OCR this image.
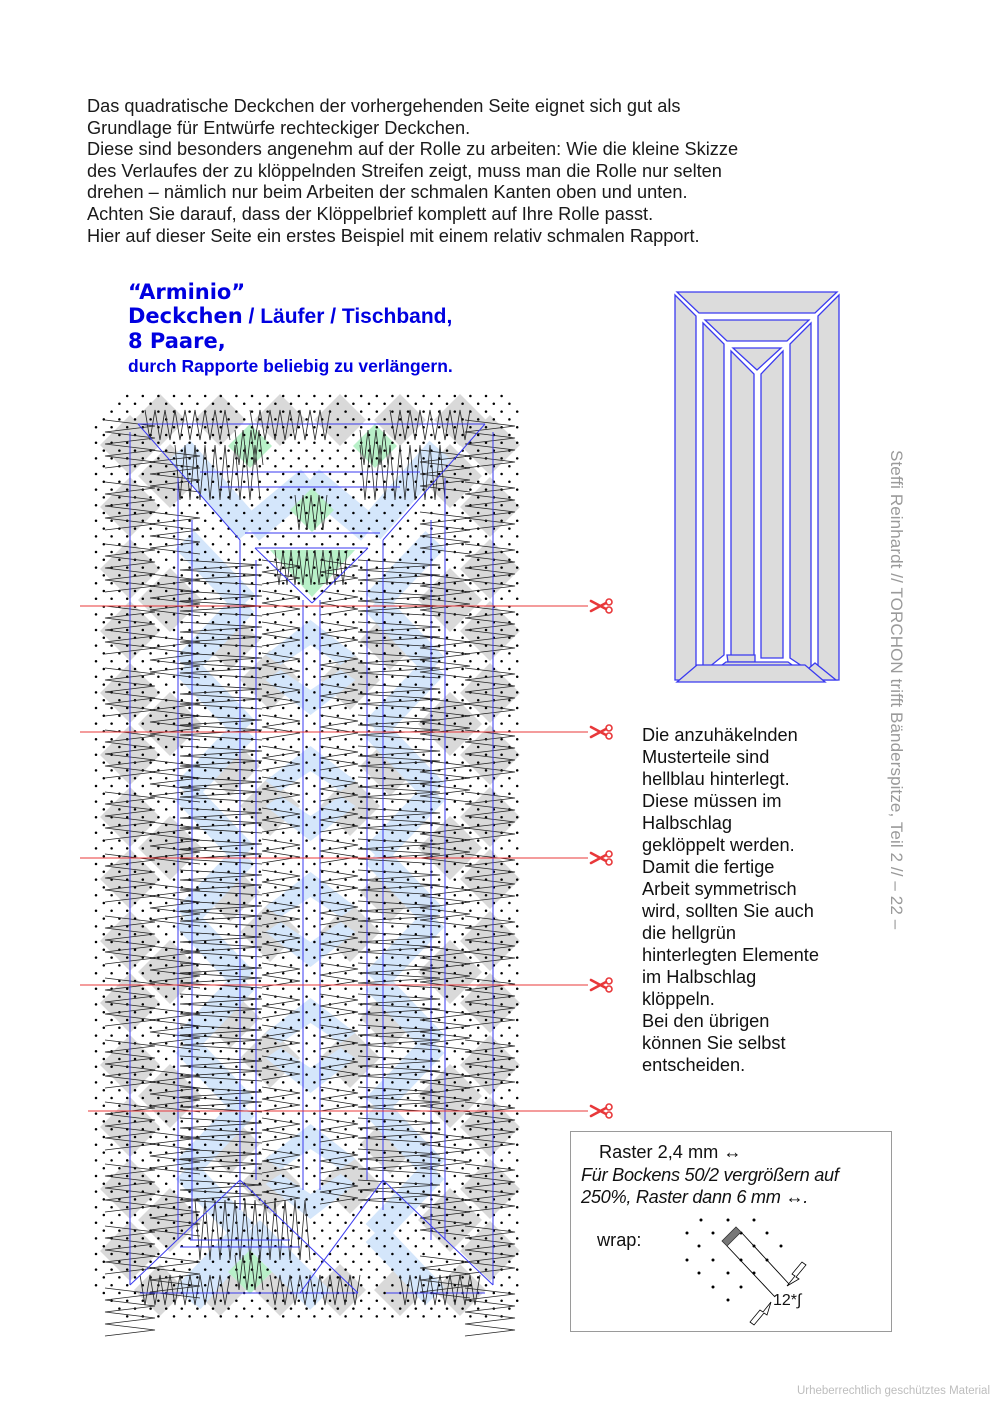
Das quadratische Deckchen der vorhergehenden Seite eignet sich gut als
Grundlage für Entwürfe rechteckiger Deckchen.
Diese sind besonders angenehm auf der Rolle zu arbeiten: Wie die kleine Skizze
des Verlaufes der zu klöppelnden Streifen zeigt, muss man die Rolle nur selten
drehen – nämlich nur beim Arbeiten der schmalen Kanten oben und unten.
Achten Sie darauf, dass der Klöppelbrief komplett auf Ihre Rolle passt.
Hier auf dieser Seite ein erstes Beispiel mit einem relativ schmalen Rapport.
“Arminio”
Deckchen / Läufer / Tischband,
8 Paare,
durch Rapporte beliebig zu verlängern.
Die anzuhäkelnden
Musterteile sind
hellblau hinterlegt.
Diese müssen im
Halbschlag
geklöppelt werden.
Damit die fertige
Arbeit symmetrisch
wird, sollten Sie auch
die hellgrün
hinterlegten Elemente
im Halbschlag
klöppeln.
Bei den übrigen
können Sie selbst
entscheiden.
Steffi Reinhardt // TORCHON trifft Bänderspitze, Teil 2 // – 22 –
Raster 2,4 mm ↔
Für Bockens 50/2 vergrößern auf
250%, Raster dann 6 mm ↔.
wrap:
12*∫
Urheberrechtlich geschütztes Material
